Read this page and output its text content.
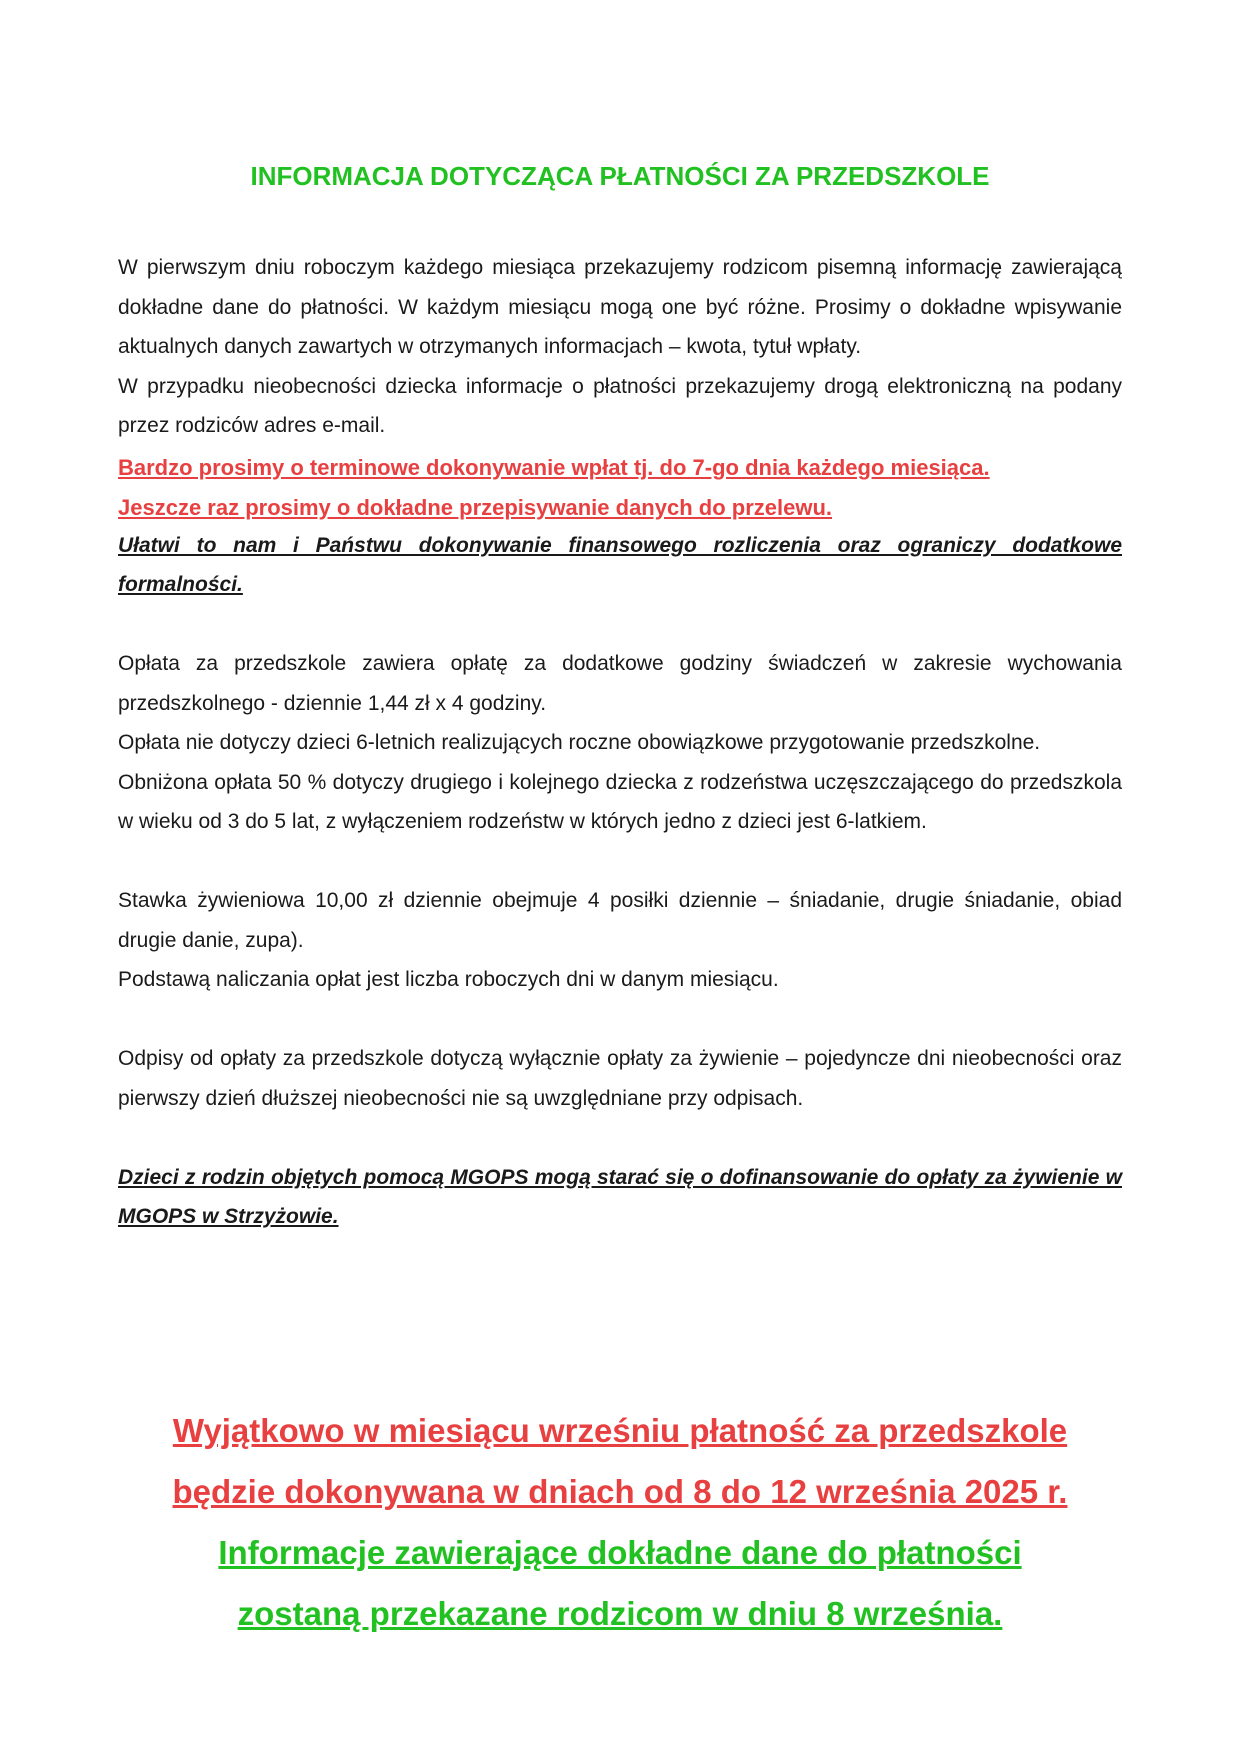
INFORMACJA DOTYCZĄCA PŁATNOŚCI ZA PRZEDSZKOLE

W pierwszym dniu roboczym każdego miesiąca przekazujemy rodzicom pisemną informację zawierającą dokładne dane do płatności. W każdym miesiącu mogą one być różne. Prosimy o dokładne wpisywanie aktualnych danych zawartych w otrzymanych informacjach – kwota, tytuł wpłaty.

W przypadku nieobecności dziecka informacje o płatności przekazujemy drogą elektroniczną na podany przez rodziców adres e-mail.

Bardzo prosimy o terminowe dokonywanie wpłat tj. do 7-go dnia każdego miesiąca.

Jeszcze raz prosimy o dokładne przepisywanie danych do przelewu.

Ułatwi to nam i Państwu dokonywanie finansowego rozliczenia oraz ograniczy dodatkowe formalności.

Opłata za przedszkole zawiera opłatę za dodatkowe godziny świadczeń w zakresie wychowania przedszkolnego - dziennie 1,44 zł x 4 godziny.

Opłata nie dotyczy dzieci 6-letnich realizujących roczne obowiązkowe przygotowanie przedszkolne.

Obniżona opłata 50 % dotyczy drugiego i kolejnego dziecka z rodzeństwa uczęszczającego do przedszkola w wieku od 3 do 5 lat, z wyłączeniem rodzeństw w których jedno z dzieci jest 6-latkiem.

Stawka żywieniowa 10,00 zł dziennie obejmuje 4 posiłki dziennie – śniadanie, drugie śniadanie, obiad drugie danie, zupa).

Podstawą naliczania opłat jest liczba roboczych dni w danym miesiącu.

Odpisy od opłaty za przedszkole dotyczą wyłącznie opłaty za żywienie – pojedyncze dni nieobecności oraz pierwszy dzień dłuższej nieobecności nie są uwzględniane przy odpisach.

Dzieci z rodzin objętych pomocą MGOPS mogą starać się o dofinansowanie do opłaty za żywienie w MGOPS w Strzyżowie.

Wyjątkowo w miesiącu wrześniu płatność za przedszkole

będzie dokonywana w dniach od 8 do 12 września 2025 r.

Informacje zawierające dokładne dane do płatności

zostaną przekazane rodzicom w dniu 8 września.
